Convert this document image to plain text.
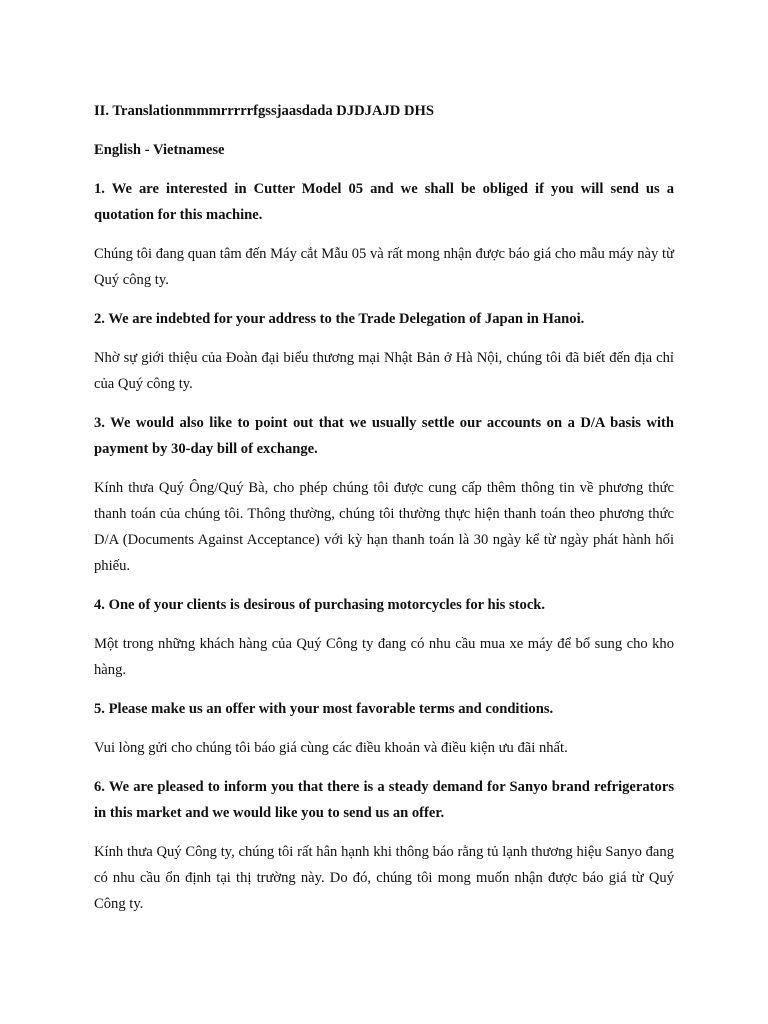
II. Translationmmmrrrrrfgssjaasdada DJDJAJD DHS

English - Vietnamese

1. We are interested in Cutter Model 05 and we shall be obliged if you will send us a quotation for this machine.

Chúng tôi đang quan tâm đến Máy cắt Mẫu 05 và rất mong nhận được báo giá cho mẫu máy này từ Quý công ty.

2. We are indebted for your address to the Trade Delegation of Japan in Hanoi.

Nhờ sự giới thiệu của Đoàn đại biểu thương mại Nhật Bản ở Hà Nội, chúng tôi đã biết đến địa chỉ của Quý công ty.

3. We would also like to point out that we usually settle our accounts on a D/A basis with payment by 30-day bill of exchange.

Kính thưa Quý Ông/Quý Bà, cho phép chúng tôi được cung cấp thêm thông tin về phương thức thanh toán của chúng tôi. Thông thường, chúng tôi thường thực hiện thanh toán theo phương thức D/A (Documents Against Acceptance) với kỳ hạn thanh toán là 30 ngày kể từ ngày phát hành hối phiếu.

4. One of your clients is desirous of purchasing motorcycles for his stock.

Một trong những khách hàng của Quý Công ty đang có nhu cầu mua xe máy để bổ sung cho kho hàng.

5. Please make us an offer with your most favorable terms and conditions.

Vui lòng gửi cho chúng tôi báo giá cùng các điều khoản và điều kiện ưu đãi nhất.

6. We are pleased to inform you that there is a steady demand for Sanyo brand refrigerators in this market and we would like you to send us an offer.

Kính thưa Quý Công ty, chúng tôi rất hân hạnh khi thông báo rằng tủ lạnh thương hiệu Sanyo đang có nhu cầu ổn định tại thị trường này. Do đó, chúng tôi mong muốn nhận được báo giá từ Quý Công ty.
